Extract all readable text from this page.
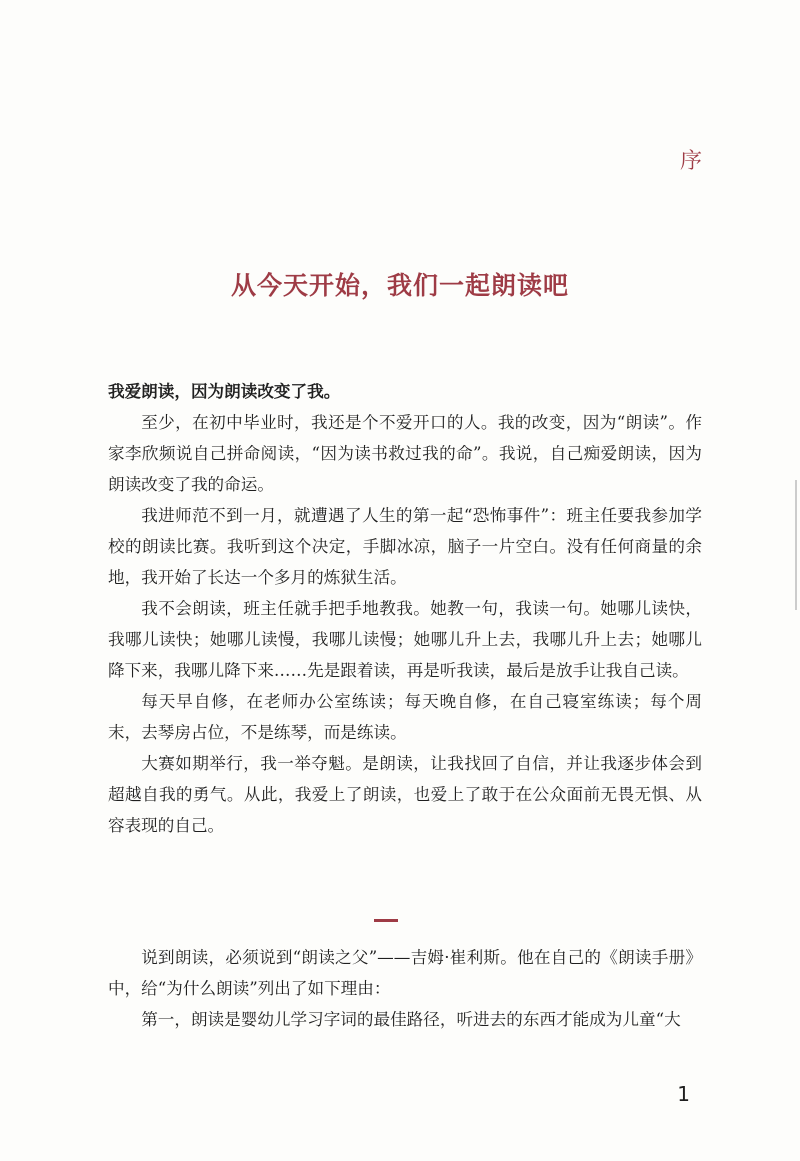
序
从今天开始，我们一起朗读吧

我爱朗读，因为朗读改变了我。

至少，在初中毕业时，我还是个不爱开口的人。我的改变，因为“朗读”。作家李欣频说自己拼命阅读，“因为读书救过我的命”。我说，自己痴爱朗读，因为朗读改变了我的命运。

我进师范不到一月，就遭遇了人生的第一起“恐怖事件”：班主任要我参加学校的朗读比赛。我听到这个决定，手脚冰凉，脑子一片空白。没有任何商量的余地，我开始了长达一个多月的炼狱生活。

我不会朗读，班主任就手把手地教我。她教一句，我读一句。她哪儿读快，我哪儿读快；她哪儿读慢，我哪儿读慢；她哪儿升上去，我哪儿升上去；她哪儿降下来，我哪儿降下来……先是跟着读，再是听我读，最后是放手让我自己读。

每天早自修，在老师办公室练读；每天晚自修，在自己寝室练读；每个周末，去琴房占位，不是练琴，而是练读。

大赛如期举行，我一举夺魁。是朗读，让我找回了自信，并让我逐步体会到超越自我的勇气。从此，我爱上了朗读，也爱上了敢于在公众面前无畏无惧、从容表现的自己。

说到朗读，必须说到“朗读之父”——吉姆·崔利斯。他在自己的《朗读手册》中，给“为什么朗读”列出了如下理由：

第一，朗读是婴幼儿学习字词的最佳路径，听进去的东西才能成为儿童“大

1
